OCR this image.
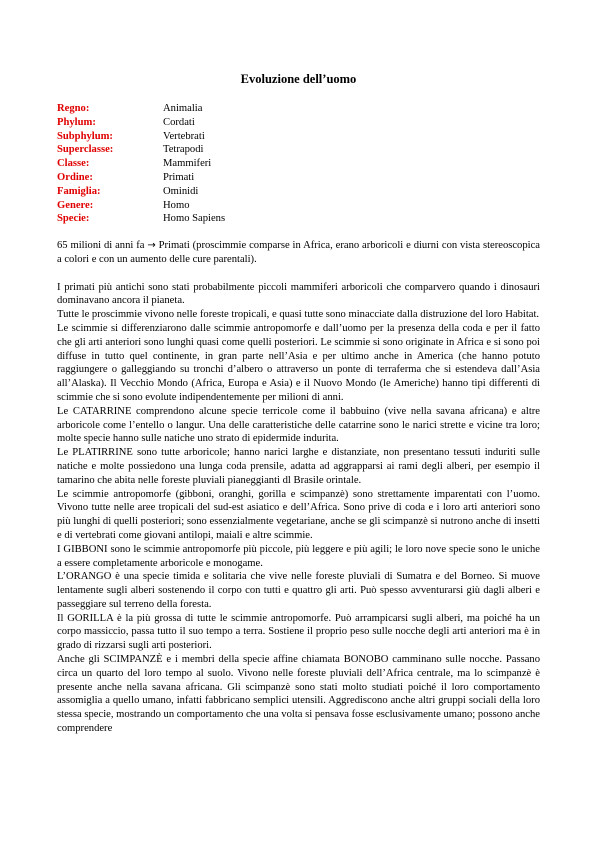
Evoluzione dell’uomo
Regno:	Animalia
Phylum:	Cordati
Subphylum:	Vertebrati
Superclasse:	Tetrapodi
Classe:	Mammiferi
Ordine:	Primati
Famiglia:	Ominidi
Genere:	Homo
Specie:	Homo Sapiens

65 milioni di anni fa → Primati (proscimmie comparse in Africa, erano arboricoli e diurni con vista stereoscopica a colori e con un aumento delle cure parentali).

I primati più antichi sono stati probabilmente piccoli mammiferi arboricoli che comparvero quando i dinosauri dominavano ancora il pianeta.

Tutte le proscimmie vivono nelle foreste tropicali, e quasi tutte sono minacciate dalla distruzione del loro Habitat.

Le scimmie si differenziarono dalle scimmie antropomorfe e dall’uomo per la presenza della coda e per il fatto che gli arti anteriori sono lunghi quasi come quelli posteriori. Le scimmie si sono originate in Africa e si sono poi diffuse in tutto quel continente, in gran parte nell’Asia e per ultimo anche in America (che hanno potuto raggiungere o galleggiando su tronchi d’albero o attraverso un ponte di terraferma che si estendeva dall’Asia all’Alaska). Il Vecchio Mondo (Africa, Europa e Asia) e il Nuovo Mondo (le Americhe) hanno tipi differenti di scimmie che si sono evolute indipendentemente per milioni di anni.

Le CATARRINE comprendono alcune specie terricole come il babbuino (vive nella savana africana) e altre arboricole come l’entello o langur. Una delle caratteristiche delle catarrine sono le narici strette e vicine tra loro; molte specie hanno sulle natiche uno strato di epidermide indurita.

Le PLATIRRINE sono tutte arboricole; hanno narici larghe e distanziate, non presentano tessuti induriti sulle natiche e molte possiedono una lunga coda prensile, adatta ad aggrapparsi ai rami degli alberi, per esempio il tamarino che abita nelle foreste pluviali pianeggianti dl Brasile orintale.

Le scimmie antropomorfe (gibboni, oranghi, gorilla e scimpanzè) sono strettamente imparentati con l’uomo. Vivono tutte nelle aree tropicali del sud-est asiatico e dell’Africa. Sono prive di coda e i loro arti anteriori sono più lunghi di quelli posteriori; sono essenzialmente vegetariane, anche se gli scimpanzè si nutrono anche di insetti e di vertebrati come giovani antilopi, maiali e altre scimmie.

I GIBBONI sono le scimmie antropomorfe più piccole, più leggere e più agili; le loro nove specie sono le uniche a essere completamente arboricole e monogame.

L’ORANGO è una specie timida e solitaria che vive nelle foreste pluviali di Sumatra e del Borneo. Si muove lentamente sugli alberi sostenendo il corpo con tutti e quattro gli arti. Può spesso avventurarsi giù dagli alberi e passeggiare sul terreno della foresta.

Il GORILLA è la più grossa di tutte le scimmie antropomorfe. Può arrampicarsi sugli alberi, ma poiché ha un corpo massiccio, passa tutto il suo tempo a terra. Sostiene il proprio peso sulle nocche degli arti anteriori ma è in grado di rizzarsi sugli arti posteriori.

Anche gli SCIMPANZÈ e i membri della specie affine chiamata BONOBO camminano sulle nocche. Passano circa un quarto del loro tempo al suolo. Vivono nelle foreste pluviali dell’Africa centrale, ma lo scimpanzè è presente anche nella savana africana. Gli scimpanzè sono stati molto studiati poiché il loro comportamento assomiglia a quello umano, infatti fabbricano semplici utensili. Aggrediscono anche altri gruppi sociali della loro stessa specie, mostrando un comportamento che una volta si pensava fosse esclusivamente umano; possono anche comprendere
